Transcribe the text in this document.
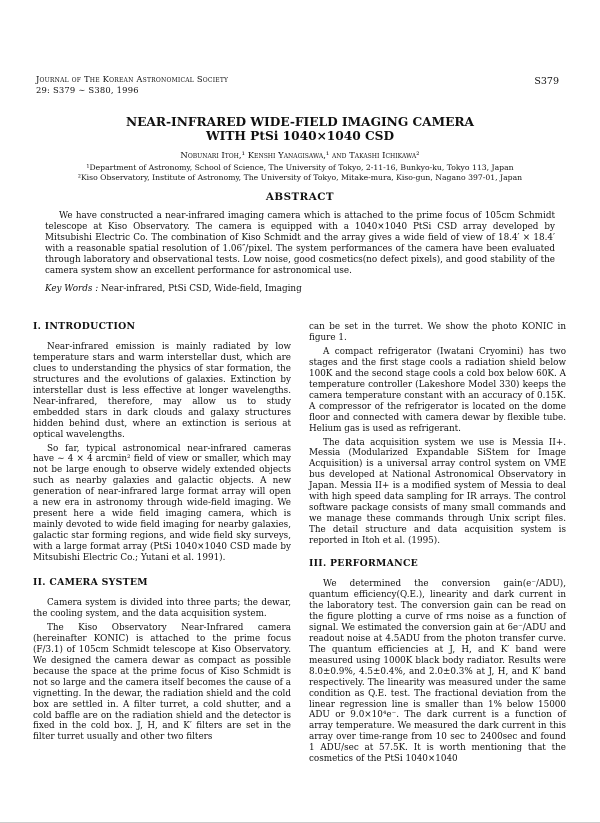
Journal of The Korean Astronomical Society
29: S379 ∼ S380, 1996
S379
NEAR-INFRARED WIDE-FIELD IMAGING CAMERA
WITH PtSi 1040×1040 CSD
Nobunari Itoh,¹ Kenshi Yanagisawa,¹ and Takashi Ichikawa²
¹Department of Astronomy, School of Science, The University of Tokyo, 2-11-16, Bunkyo-ku, Tokyo 113, Japan
²Kiso Observatory, Institute of Astronomy, The University of Tokyo, Mitake-mura, Kiso-gun, Nagano 397-01, Japan
ABSTRACT
We have constructed a near-infrared imaging camera which is attached to the prime focus of 105cm Schmidt telescope at Kiso Observatory. The camera is equipped with a 1040×1040 PtSi CSD array developed by Mitsubishi Electric Co. The combination of Kiso Schmidt and the array gives a wide field of view of 18.4′ × 18.4′ with a reasonable spatial resolution of 1.06″/pixel. The system performances of the camera have been evaluated through laboratory and observational tests. Low noise, good cosmetics(no defect pixels), and good stability of the camera system show an excellent performance for astronomical use.
Key Words : Near-infrared, PtSi CSD, Wide-field, Imaging
I. INTRODUCTION

Near-infrared emission is mainly radiated by low temperature stars and warm interstellar dust, which are clues to understanding the physics of star formation, the structures and the evolutions of galaxies. Extinction by interstellar dust is less effective at longer wavelengths. Near-infrared, therefore, may allow us to study embedded stars in dark clouds and galaxy structures hidden behind dust, where an extinction is serious at optical wavelengths.

So far, typical astronomical near-infrared cameras have ∼ 4 × 4 arcmin² field of view or smaller, which may not be large enough to observe widely extended objects such as nearby galaxies and galactic objects. A new generation of near-infrared large format array will open a new era in astronomy through wide-field imaging. We present here a wide field imaging camera, which is mainly devoted to wide field imaging for nearby galaxies, galactic star forming regions, and wide field sky surveys, with a large format array (PtSi 1040×1040 CSD made by Mitsubishi Electric Co.; Yutani et al. 1991).

II. CAMERA SYSTEM

Camera system is divided into three parts; the dewar, the cooling system, and the data acquisition system.

The Kiso Observatory Near-Infrared camera (hereinafter KONIC) is attached to the prime focus (F/3.1) of 105cm Schmidt telescope at Kiso Observatory. We designed the camera dewar as compact as possible because the space at the prime focus of Kiso Schmidt is not so large and the camera itself becomes the cause of a vignetting. In the dewar, the radiation shield and the cold box are settled in. A filter turret, a cold shutter, and a cold baffle are on the radiation shield and the detector is fixed in the cold box. J, H, and K′ filters are set in the filter turret usually and other two filters

can be set in the turret. We show the photo KONIC in figure 1.

A compact refrigerator (Iwatani Cryomini) has two stages and the first stage cools a radiation shield below 100K and the second stage cools a cold box below 60K. A temperature controller (Lakeshore Model 330) keeps the camera temperature constant with an accuracy of 0.15K. A compressor of the refrigerator is located on the dome floor and connected with camera dewar by flexible tube. Helium gas is used as refrigerant.

The data acquisition system we use is Messia II+. Messia (Modularized Expandable SiStem for Image Acquisition) is a universal array control system on VME bus developed at National Astronomical Observatory in Japan. Messia II+ is a modified system of Messia to deal with high speed data sampling for IR arrays. The control software package consists of many small commands and we manage these commands through Unix script files. The detail structure and data acquisition system is reported in Itoh et al. (1995).

III. PERFORMANCE

We determined the conversion gain(e⁻/ADU), quantum efficiency(Q.E.), linearity and dark current in the laboratory test. The conversion gain can be read on the figure plotting a curve of rms noise as a function of signal. We estimated the conversion gain at 6e⁻/ADU and readout noise at 4.5ADU from the photon transfer curve. The quantum efficiencies at J, H, and K′ band were measured using 1000K black body radiator. Results were 8.0±0.9%, 4.5±0.4%, and 2.0±0.3% at J, H, and K′ band respectively. The linearity was measured under the same condition as Q.E. test. The fractional deviation from the linear regression line is smaller than 1% below 15000 ADU or 9.0×10⁴e⁻. The dark current is a function of array temperature. We measured the dark current in this array over time-range from 10 sec to 2400sec and found 1 ADU/sec at 57.5K. It is worth mentioning that the cosmetics of the PtSi 1040×1040
